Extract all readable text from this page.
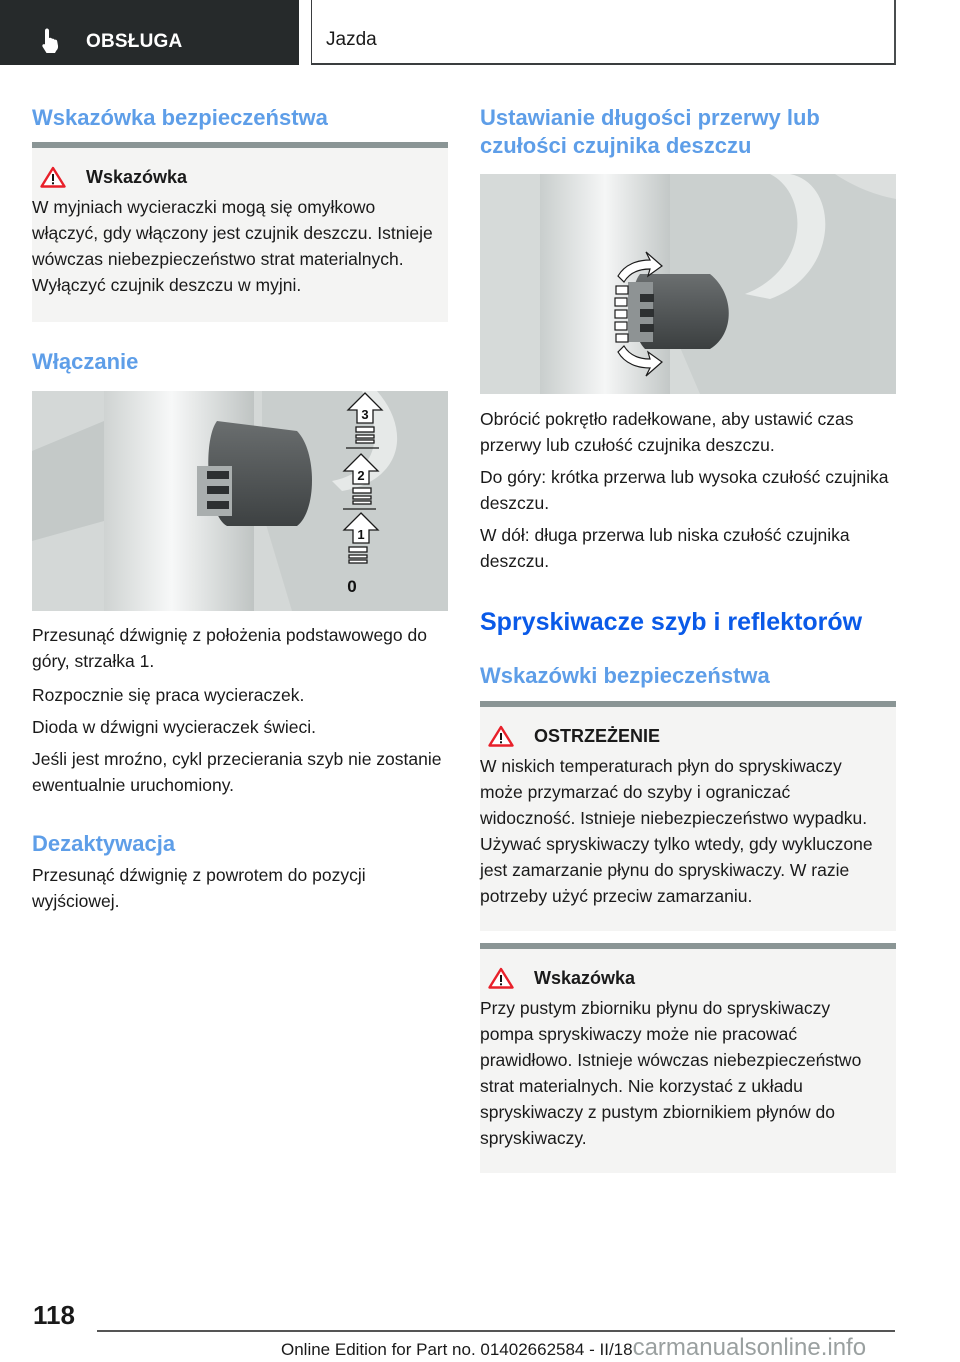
OBSŁUGA	Jazda
Wskazówka bezpieczeństwa
Wskazówka
W myjniach wycieraczki mogą się omyłkowo włączyć, gdy włączony jest czujnik deszczu. Istnieje wówczas niebezpieczeństwo strat materialnych. Wyłączyć czujnik deszczu w myjni.
Włączanie
3
2
1
0

Przesunąć dźwignię z położenia podstawowego do góry, strzałka 1.

Rozpocznie się praca wycieraczek.

Dioda w dźwigni wycieraczek świeci.

Jeśli jest mroźno, cykl przecierania szyb nie zostanie ewentualnie uruchomiony.

Dezaktywacja

Przesunąć dźwignię z powrotem do pozycji wyjściowej.

Ustawianie długości przerwy lub czułości czujnika deszczu

Obrócić pokrętło radełkowane, aby ustawić czas przerwy lub czułość czujnika deszczu.

Do góry: krótka przerwa lub wysoka czułość czujnika deszczu.

W dół: długa przerwa lub niska czułość czujnika deszczu.

Spryskiwacze szyb i reflektorów
Wskazówki bezpieczeństwa
OSTRZEŻENIE
W niskich temperaturach płyn do spryskiwaczy może przymarzać do szyby i ograniczać widoczność. Istnieje niebezpieczeństwo wypadku. Używać spryskiwaczy tylko wtedy, gdy wykluczone jest zamarzanie płynu do spryskiwaczy. W razie potrzeby użyć przeciw zamarzaniu.
Wskazówka
Przy pustym zbiorniku płynu do spryskiwaczy pompa spryskiwaczy może nie pracować prawidłowo. Istnieje wówczas niebezpieczeństwo strat materialnych. Nie korzystać z układu spryskiwaczy z pustym zbiornikiem płynów do spryskiwaczy.
118
Online Edition for Part no. 01402662584 - II/18carmanualsonline.info
